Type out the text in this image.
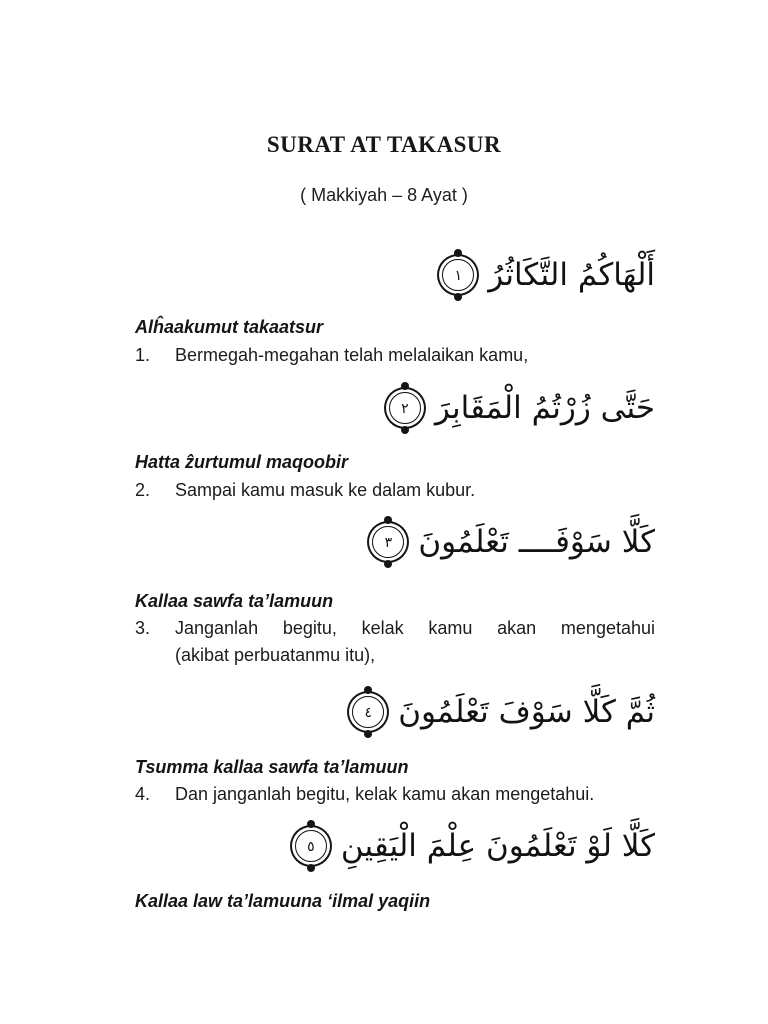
SURAT AT TAKASUR
( Makkiyah – 8 Ayat )
أَلْهَاكُمُ التَّكَاثُرُ
١
Alĥaakumut takaatsur
1.	Bermegah-megahan telah melalaikan kamu,
حَتَّى زُرْتُمُ الْمَقَابِرَ
٢
Hatta ẑurtumul maqoobir
2.	Sampai kamu masuk ke dalam kubur.
كَلَّا سَوْفَــــ تَعْلَمُونَ
٣
Kallaa sawfa ta’lamuun
3.	Janganlah begitu, kelak kamu akan mengetahui
(akibat perbuatanmu itu),
ثُمَّ كَلَّا سَوْفَ تَعْلَمُونَ
٤
Tsumma kallaa sawfa ta’lamuun
4.	Dan janganlah begitu, kelak kamu akan mengetahui.
كَلَّا لَوْ تَعْلَمُونَ عِلْمَ الْيَقِينِ
٥
Kallaa law ta’lamuuna ‘ilmal yaqiin
